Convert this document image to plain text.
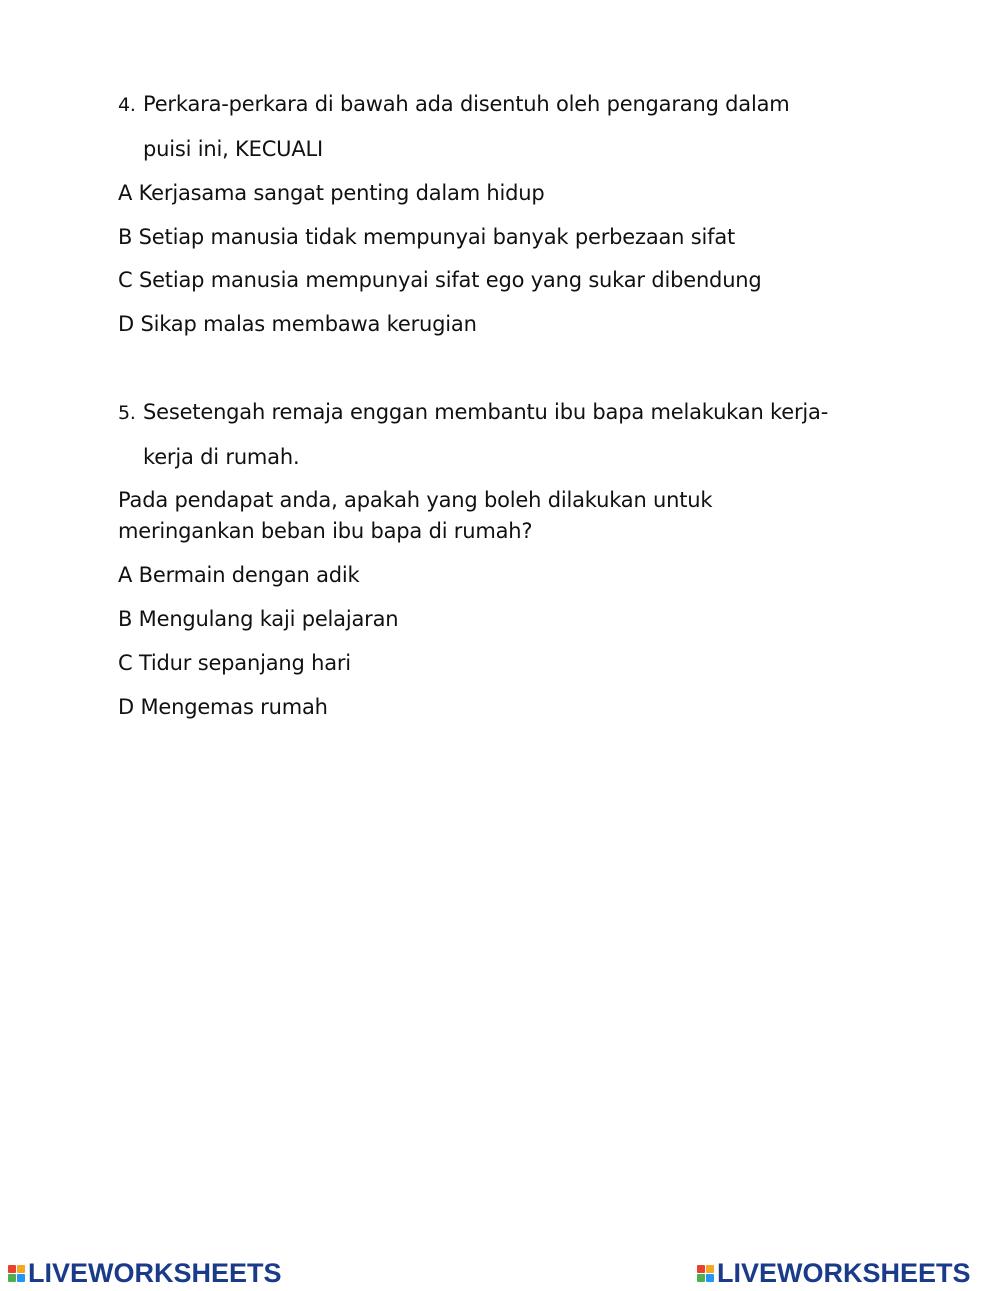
4. Perkara-perkara di bawah ada disentuh oleh pengarang dalam
puisi ini, KECUALI
A Kerjasama sangat penting dalam hidup
B Setiap manusia tidak mempunyai banyak perbezaan sifat
C Setiap manusia mempunyai sifat ego yang sukar dibendung
D Sikap malas membawa kerugian
5. Sesetengah remaja enggan membantu ibu bapa melakukan kerja-
kerja di rumah.
Pada pendapat anda, apakah yang boleh dilakukan untuk
meringankan beban ibu bapa di rumah?
A Bermain dengan adik
B Mengulang kaji pelajaran
C Tidur sepanjang hari
D Mengemas rumah
LIVEWORKSHEETS	LIVEWORKSHEETS
